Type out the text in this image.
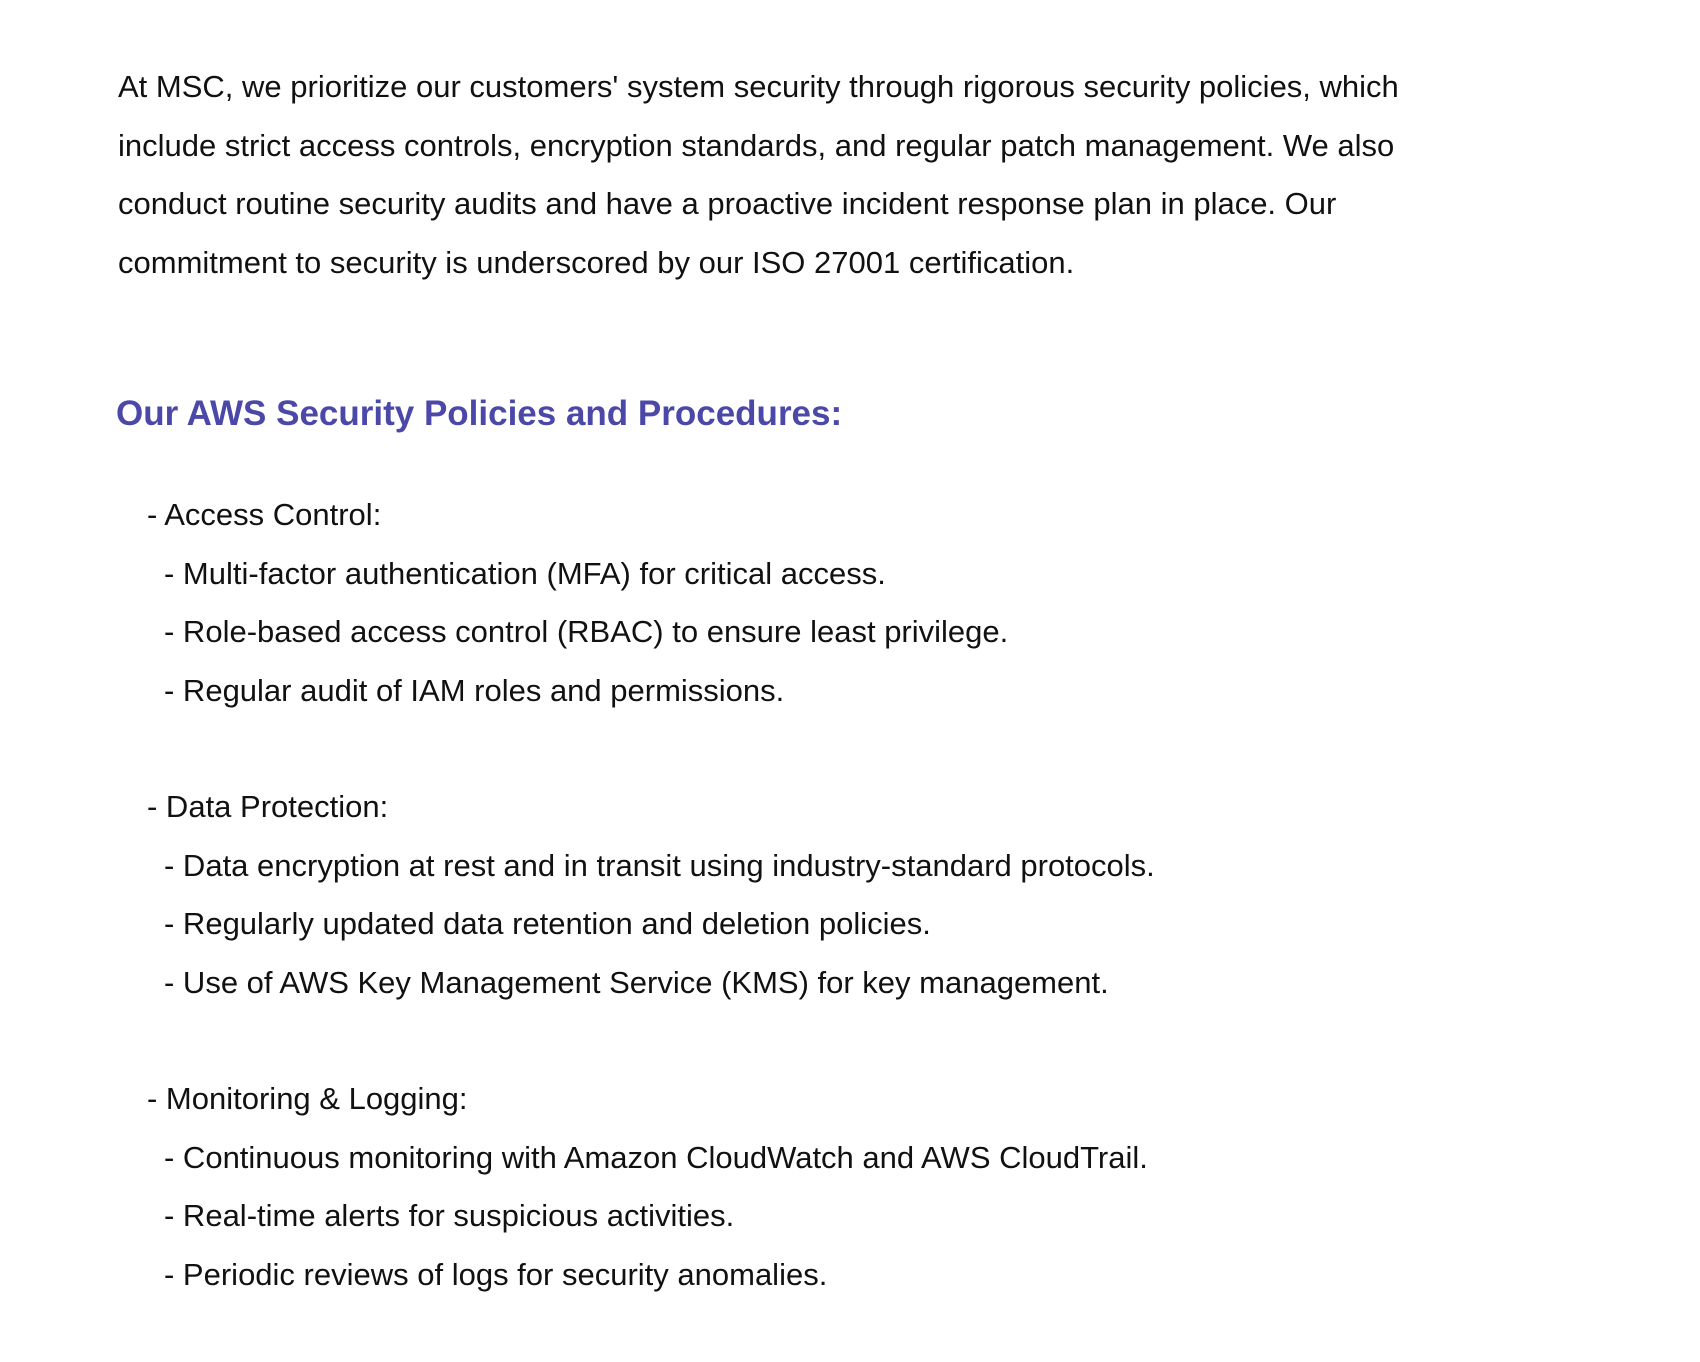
At MSC, we prioritize our customers' system security through rigorous security policies, which include strict access controls, encryption standards, and regular patch management. We also conduct routine security audits and have a proactive incident response plan in place. Our commitment to security is underscored by our ISO 27001 certification.

Our AWS Security Policies and Procedures:
- Access Control:
- Multi-factor authentication (MFA) for critical access.
- Role-based access control (RBAC) to ensure least privilege.
- Regular audit of IAM roles and permissions.
- Data Protection:
- Data encryption at rest and in transit using industry-standard protocols.
- Regularly updated data retention and deletion policies.
- Use of AWS Key Management Service (KMS) for key management.
- Monitoring & Logging:
- Continuous monitoring with Amazon CloudWatch and AWS CloudTrail.
- Real-time alerts for suspicious activities.
- Periodic reviews of logs for security anomalies.
